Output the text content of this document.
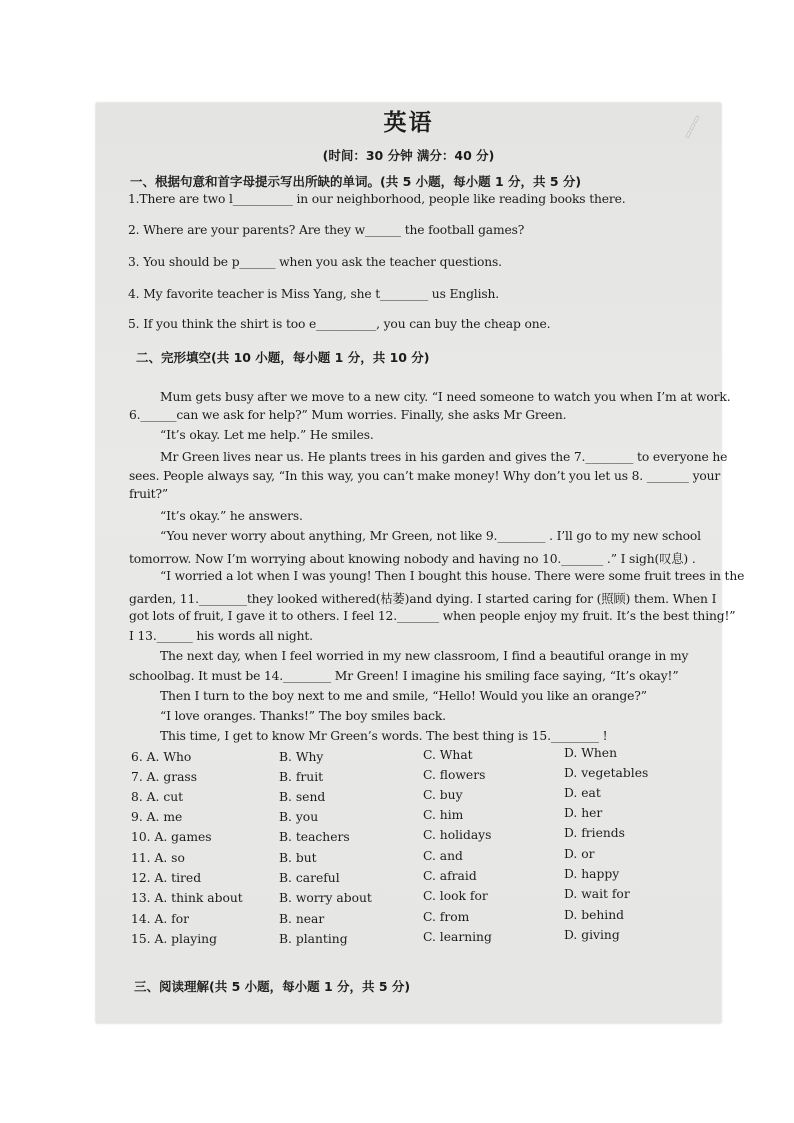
▭▭▭
英语
(时间：30 分钟 满分：40 分)
一、根据句意和首字母提示写出所缺的单词。(共 5 小题，每小题 1 分，共 5 分)
1.There are two l__________ in our neighborhood, people like reading books there.
2. Where are your parents? Are they w______ the football games?
3. You should be p______ when you ask the teacher questions.
4. My favorite teacher is Miss Yang, she t________ us English.
5. If you think the shirt is too e__________, you can buy the cheap one.
二、完形填空(共 10 小题，每小题 1 分，共 10 分)
Mum gets busy after we move to a new city. “I need someone to watch you when I’m at work.
6.______can we ask for help?” Mum worries. Finally, she asks Mr Green.
“It’s okay. Let me help.” He smiles.
Mr Green lives near us. He plants trees in his garden and gives the 7.________ to everyone he
sees. People always say, “In this way, you can’t make money! Why don’t you let us 8. _______ your
fruit?”
“It’s okay.” he answers.
“You never worry about anything, Mr Green, not like 9.________ . I’ll go to my new school
tomorrow. Now I’m worrying about knowing nobody and having no 10._______ .” I sigh(叹息) .
“I worried a lot when I was young! Then I bought this house. There were some fruit trees in the
garden, 11.________they looked withered(枯萎)and dying. I started caring for (照顾) them. When I
got lots of fruit, I gave it to others. I feel 12._______ when people enjoy my fruit. It’s the best thing!”
I 13.______ his words all night.
The next day, when I feel worried in my new classroom, I find a beautiful orange in my
schoolbag. It must be 14.________ Mr Green! I imagine his smiling face saying, “It’s okay!”
Then I turn to the boy next to me and smile, “Hello! Would you like an orange?”
“I love oranges. Thanks!” The boy smiles back.
This time, I get to know Mr Green’s words. The best thing is 15.________ !
6. A. Who	B. Why	C. What	D. When
7. A. grass	B. fruit	C. flowers	D. vegetables
8. A. cut	B. send	C. buy	D. eat
9. A. me	B. you	C. him	D. her
10. A. games	B. teachers	C. holidays	D. friends
11. A. so	B. but	C. and	D. or
12. A. tired	B. careful	C. afraid	D. happy
13. A. think about	B. worry about	C. look for	D. wait for
14. A. for	B. near	C. from	D. behind
15. A. playing	B. planting	C. learning	D. giving
三、阅读理解(共 5 小题，每小题 1 分，共 5 分)
